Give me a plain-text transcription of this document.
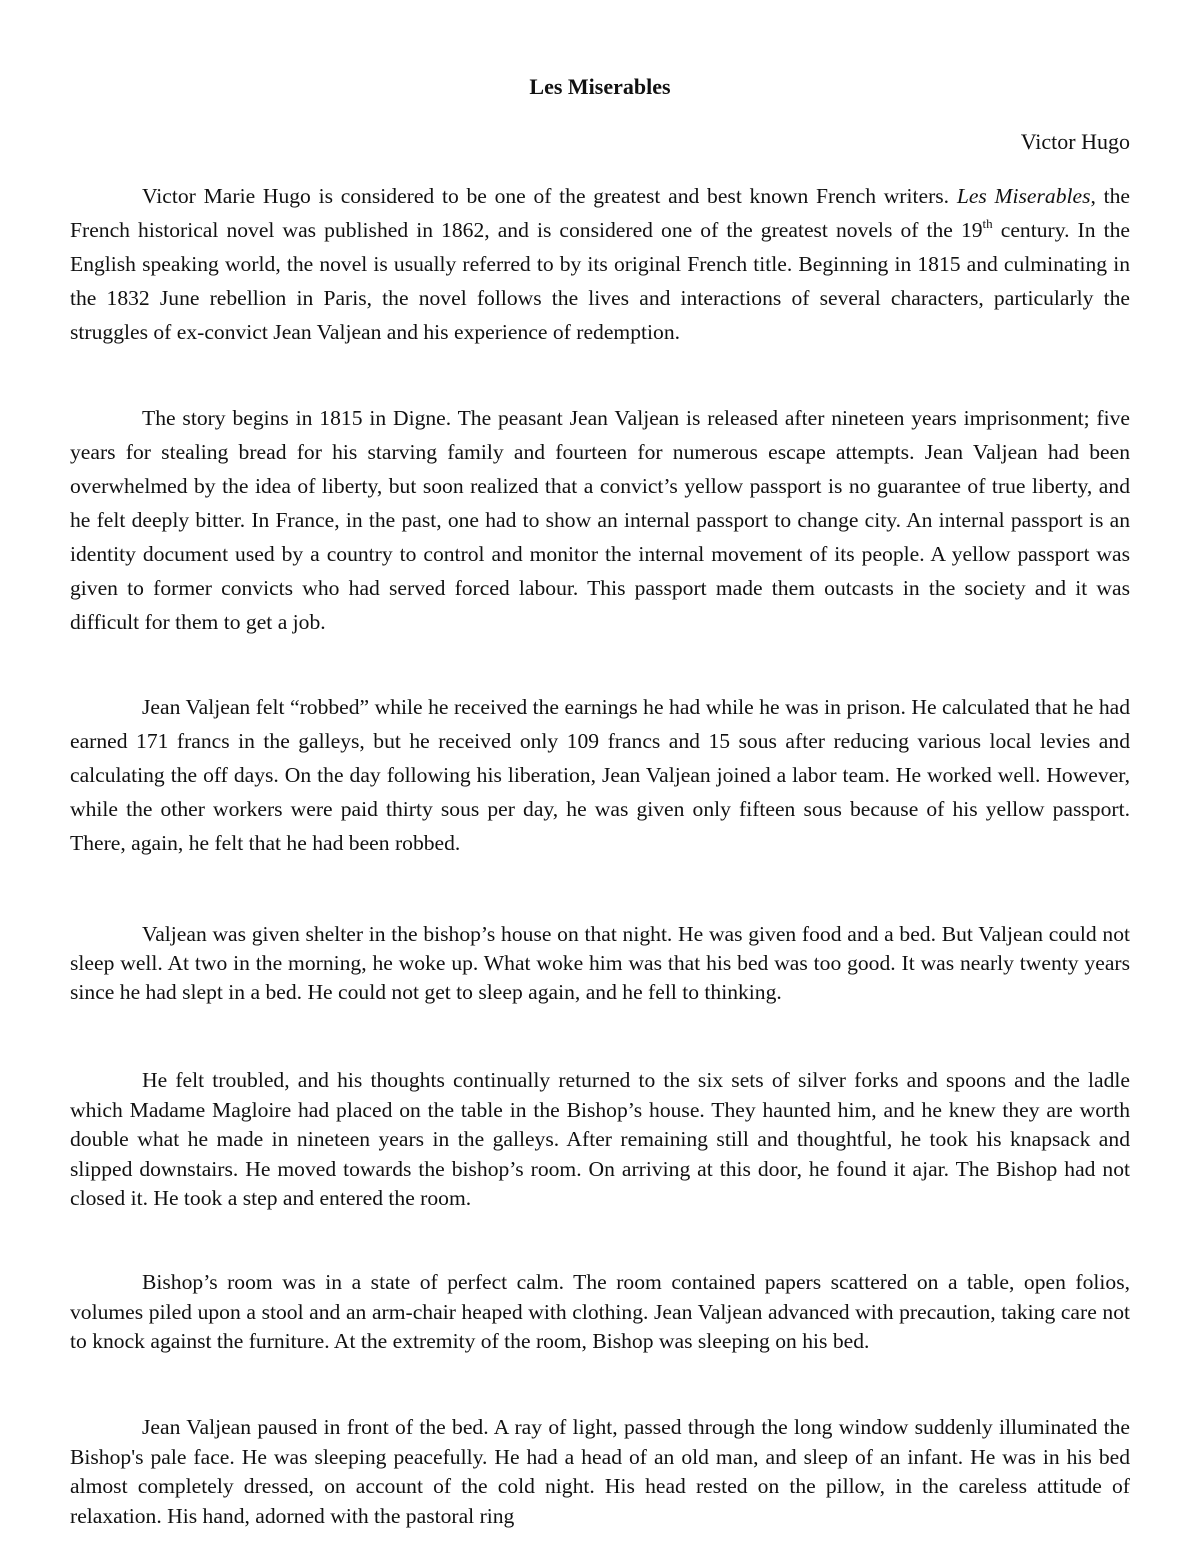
Les Miserables

Victor Hugo

Victor Marie Hugo is considered to be one of the greatest and best known French writers. Les Miserables, the French historical novel was published in 1862, and is considered one of the greatest novels of the 19th century. In the English speaking world, the novel is usually referred to by its original French title. Beginning in 1815 and culminating in the 1832 June rebellion in Paris, the novel follows the lives and interactions of several characters, particularly the struggles of ex-convict Jean Valjean and his experience of redemption.

The story begins in 1815 in Digne. The peasant Jean Valjean is released after nineteen years imprisonment; five years for stealing bread for his starving family and fourteen for numerous escape attempts. Jean Valjean had been overwhelmed by the idea of liberty, but soon realized that a convict’s yellow passport is no guarantee of true liberty, and he felt deeply bitter. In France, in the past, one had to show an internal passport to change city. An internal passport is an identity document used by a country to control and monitor the internal movement of its people. A yellow passport was given to former convicts who had served forced labour. This passport made them outcasts in the society and it was difficult for them to get a job.

Jean Valjean felt “robbed” while he received the earnings he had while he was in prison. He calculated that he had earned 171 francs in the galleys, but he received only 109 francs and 15 sous after reducing various local levies and calculating the off days. On the day following his liberation, Jean Valjean joined a labor team. He worked well. However, while the other workers were paid thirty sous per day, he was given only fifteen sous because of his yellow passport. There, again, he felt that he had been robbed.

Valjean was given shelter in the bishop’s house on that night. He was given food and a bed. But Valjean could not sleep well. At two in the morning, he woke up. What woke him was that his bed was too good. It was nearly twenty years since he had slept in a bed. He could not get to sleep again, and he fell to thinking.

He felt troubled, and his thoughts continually returned to the six sets of silver forks and spoons and the ladle which Madame Magloire had placed on the table in the Bishop’s house. They haunted him, and he knew they are worth double what he made in nineteen years in the galleys. After remaining still and thoughtful, he took his knapsack and slipped downstairs. He moved towards the bishop’s room. On arriving at this door, he found it ajar. The Bishop had not closed it. He took a step and entered the room.

Bishop’s room was in a state of perfect calm. The room contained papers scattered on a table, open folios, volumes piled upon a stool and an arm-chair heaped with clothing. Jean Valjean advanced with precaution, taking care not to knock against the furniture. At the extremity of the room, Bishop was sleeping on his bed.

Jean Valjean paused in front of the bed. A ray of light, passed through the long window suddenly illuminated the Bishop's pale face. He was sleeping peacefully. He had a head of an old man, and sleep of an infant. He was in his bed almost completely dressed, on account of the cold night. His head rested on the pillow, in the careless attitude of relaxation. His hand, adorned with the pastoral ring
